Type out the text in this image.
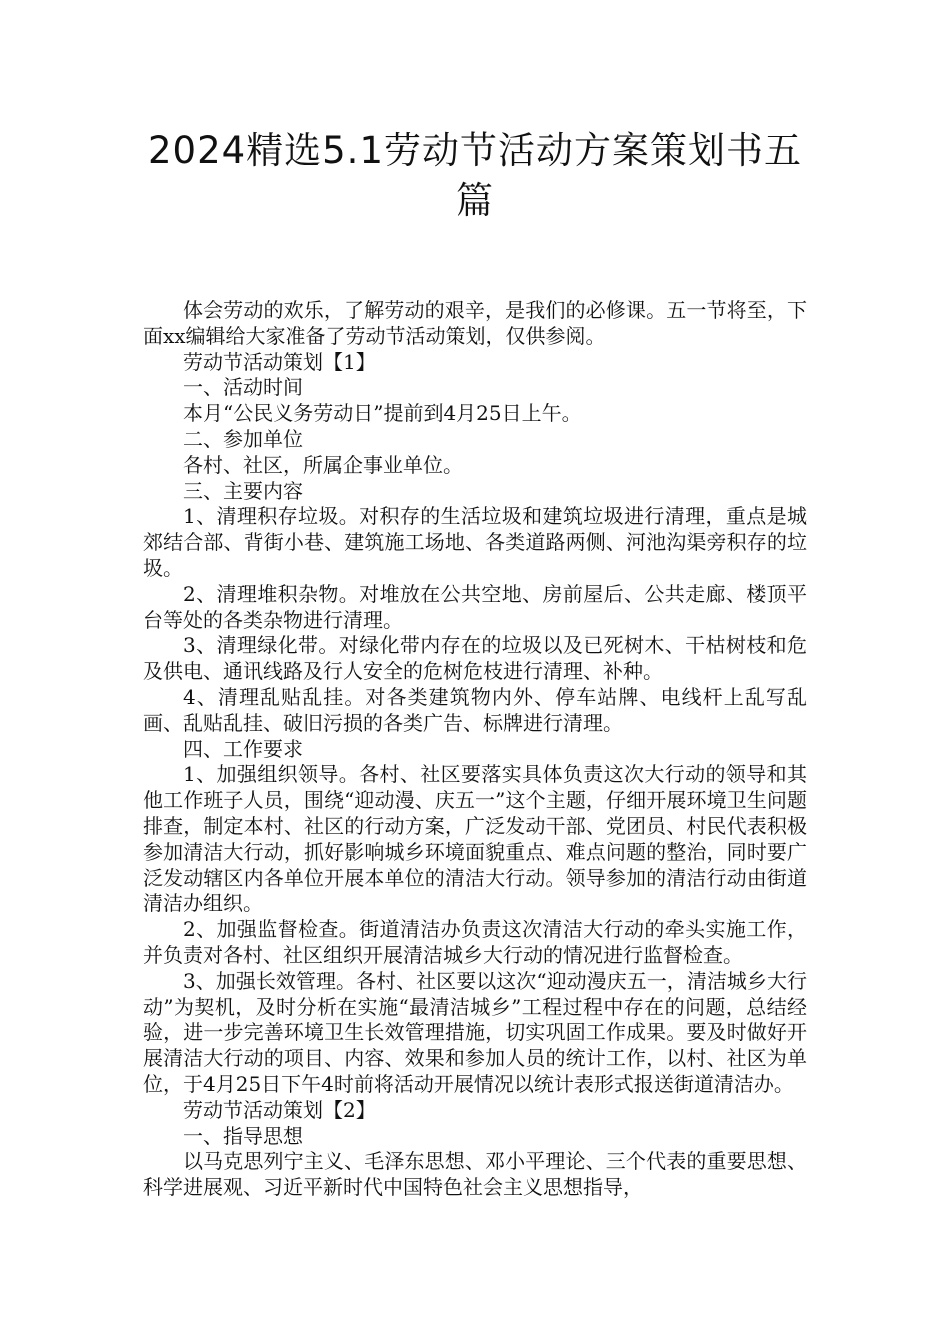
2024精选5.1劳动节活动方案策划书五篇

体会劳动的欢乐，了解劳动的艰辛，是我们的必修课。五一节将至，下面xx编辑给大家准备了劳动节活动策划，仅供参阅。

劳动节活动策划【1】

一、活动时间

本月“公民义务劳动日”提前到4月25日上午。

二、参加单位

各村、社区，所属企事业单位。

三、主要内容

1、清理积存垃圾。对积存的生活垃圾和建筑垃圾进行清理，重点是城郊结合部、背街小巷、建筑施工场地、各类道路两侧、河池沟渠旁积存的垃圾。

2、清理堆积杂物。对堆放在公共空地、房前屋后、公共走廊、楼顶平台等处的各类杂物进行清理。

3、清理绿化带。对绿化带内存在的垃圾以及已死树木、干枯树枝和危及供电、通讯线路及行人安全的危树危枝进行清理、补种。

4、清理乱贴乱挂。对各类建筑物内外、停车站牌、电线杆上乱写乱画、乱贴乱挂、破旧污损的各类广告、标牌进行清理。

四、工作要求

1、加强组织领导。各村、社区要落实具体负责这次大行动的领导和其他工作班子人员，围绕“迎动漫、庆五一”这个主题，仔细开展环境卫生问题排查，制定本村、社区的行动方案，广泛发动干部、党团员、村民代表积极参加清洁大行动，抓好影响城乡环境面貌重点、难点问题的整治，同时要广泛发动辖区内各单位开展本单位的清洁大行动。领导参加的清洁行动由街道清洁办组织。

2、加强监督检查。街道清洁办负责这次清洁大行动的牵头实施工作，并负责对各村、社区组织开展清洁城乡大行动的情况进行监督检查。

3、加强长效管理。各村、社区要以这次“迎动漫庆五一，清洁城乡大行动”为契机，及时分析在实施“最清洁城乡”工程过程中存在的问题，总结经验，进一步完善环境卫生长效管理措施，切实巩固工作成果。要及时做好开展清洁大行动的项目、内容、效果和参加人员的统计工作，以村、社区为单位，于4月25日下午4时前将活动开展情况以统计表形式报送街道清洁办。

劳动节活动策划【2】

一、指导思想

以马克思列宁主义、毛泽东思想、邓小平理论、三个代表的重要思想、科学进展观、习近平新时代中国特色社会主义思想指导，
